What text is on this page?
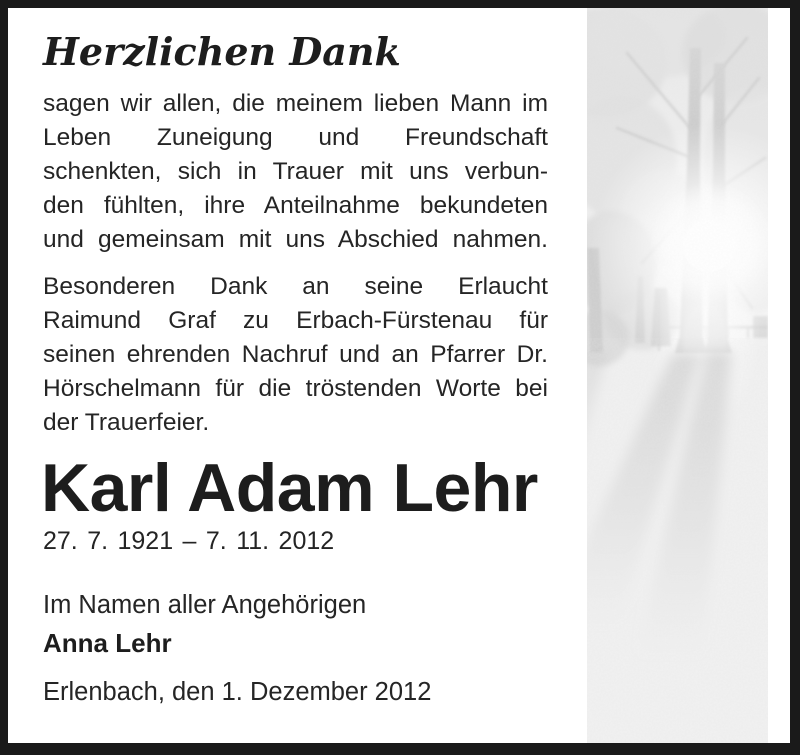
Herzlichen Dank
sagen wir allen, die meinem lieben Mann im
Leben Zuneigung und Freundschaft
schenkten, sich in Trauer mit uns verbun-
den fühlten, ihre Anteilnahme bekundeten
und gemeinsam mit uns Abschied nahmen.
Besonderen Dank an seine Erlaucht
Raimund Graf zu Erbach-Fürstenau für
seinen ehrenden Nachruf und an Pfarrer Dr.
Hörschelmann für die tröstenden Worte bei
der Trauerfeier.
Karl Adam Lehr
27. 7. 1921 – 7. 11. 2012
Im Namen aller Angehörigen
Anna Lehr
Erlenbach, den 1. Dezember 2012
